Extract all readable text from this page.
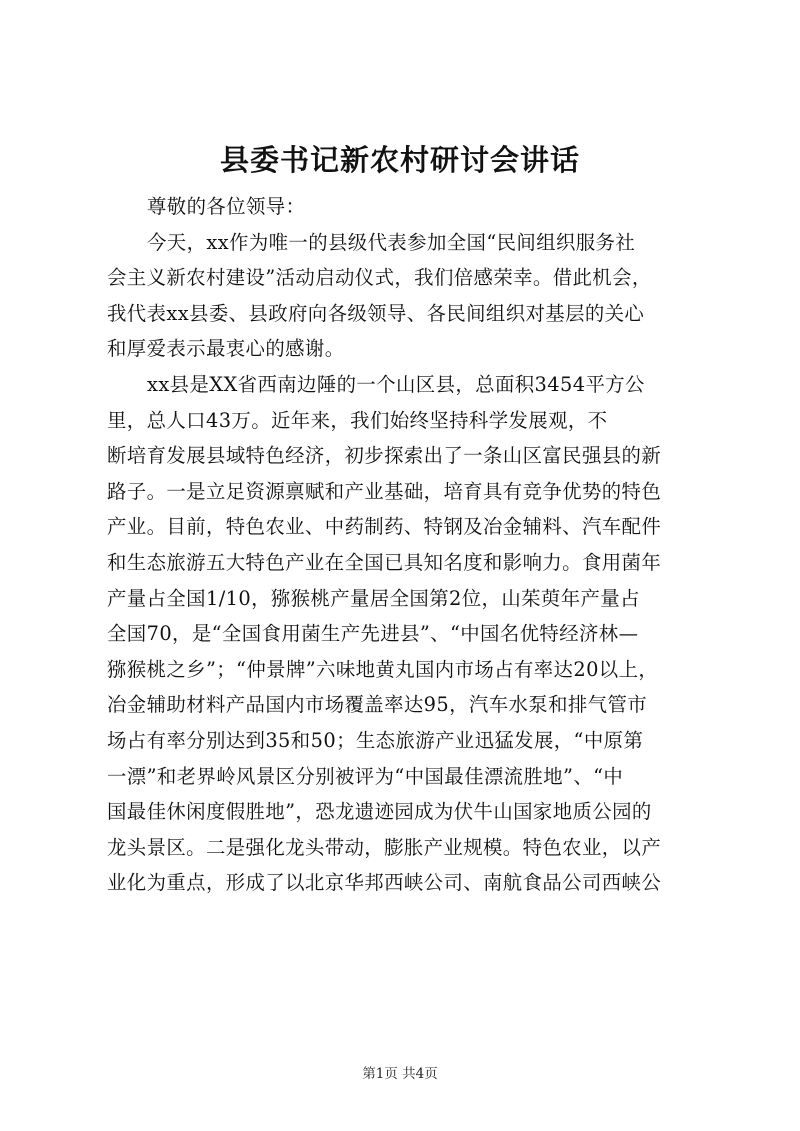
县委书记新农村研讨会讲话
尊敬的各位领导：
今天，xx作为唯一的县级代表参加全国“民间组织服务社
会主义新农村建设”活动启动仪式，我们倍感荣幸。借此机会，
我代表xx县委、县政府向各级领导、各民间组织对基层的关心
和厚爱表示最衷心的感谢。
xx县是XX省西南边陲的一个山区县，总面积3454平方公
里，总人口43万。近年来，我们始终坚持科学发展观，不
断培育发展县域特色经济，初步探索出了一条山区富民强县的新
路子。一是立足资源禀赋和产业基础，培育具有竞争优势的特色
产业。目前，特色农业、中药制药、特钢及冶金辅料、汽车配件
和生态旅游五大特色产业在全国已具知名度和影响力。食用菌年
产量占全国1/10，猕猴桃产量居全国第2位，山茱萸年产量占
全国70，是“全国食用菌生产先进县”、“中国名优特经济林—
猕猴桃之乡”；“仲景牌”六味地黄丸国内市场占有率达20以上，
冶金辅助材料产品国内市场覆盖率达95，汽车水泵和排气管市
场占有率分别达到35和50；生态旅游产业迅猛发展，“中原第
一漂”和老界岭风景区分别被评为“中国最佳漂流胜地”、“中
国最佳休闲度假胜地”，恐龙遗迹园成为伏牛山国家地质公园的
龙头景区。二是强化龙头带动，膨胀产业规模。特色农业，以产
业化为重点，形成了以北京华邦西峡公司、南航食品公司西峡公
第1页 共4页
